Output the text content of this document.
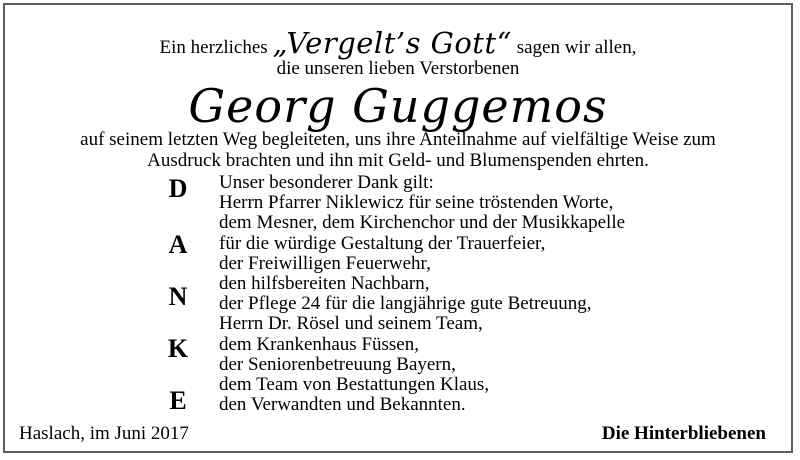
Ein herzliches „Vergelt’s Gott“ sagen wir allen,
die unseren lieben Verstorbenen
Georg Guggemos
auf seinem letzten Weg begleiteten, uns ihre Anteilnahme auf vielfältige Weise zum
Ausdruck brachten und ihn mit Geld- und Blumenspenden ehrten.
D
A
N
K
E
Unser besonderer Dank gilt:
Herrn Pfarrer Niklewicz für seine tröstenden Worte,
dem Mesner, dem Kirchenchor und der Musikkapelle
für die würdige Gestaltung der Trauerfeier,
der Freiwilligen Feuerwehr,
den hilfsbereiten Nachbarn,
der Pflege 24 für die langjährige gute Betreuung,
Herrn Dr. Rösel und seinem Team,
dem Krankenhaus Füssen,
der Seniorenbetreuung Bayern,
dem Team von Bestattungen Klaus,
den Verwandten und Bekannten.
Haslach, im Juni 2017	Die Hinterbliebenen
